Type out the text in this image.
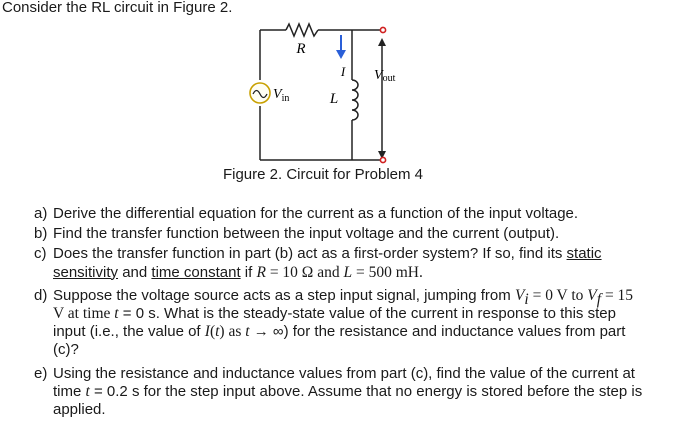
Consider the RL circuit in Figure 2.
R
I
L
$V_{in}$
Vout
Figure 2. Circuit for Problem 4
a) Derive the differential equation for the current as a function of the input voltage.
b) Find the transfer function between the input voltage and the current (output).
c) Does the transfer function in part (b) act as a first-order system? If so, find its static sensitivity and time constant if R = 10 Ω and L = 500 mH.
d) Suppose the voltage source acts as a step input signal, jumping from $V_i = 0$ V to $V_f = 15$ V at time t = 0 s. What is the steady-state value of the current in response to this step input (i.e., the value of I(t) as t → ∞) for the resistance and inductance values from part (c)?
e) Using the resistance and inductance values from part (c), find the value of the current at time t = 0.2 s for the step input above. Assume that no energy is stored before the step is applied.
